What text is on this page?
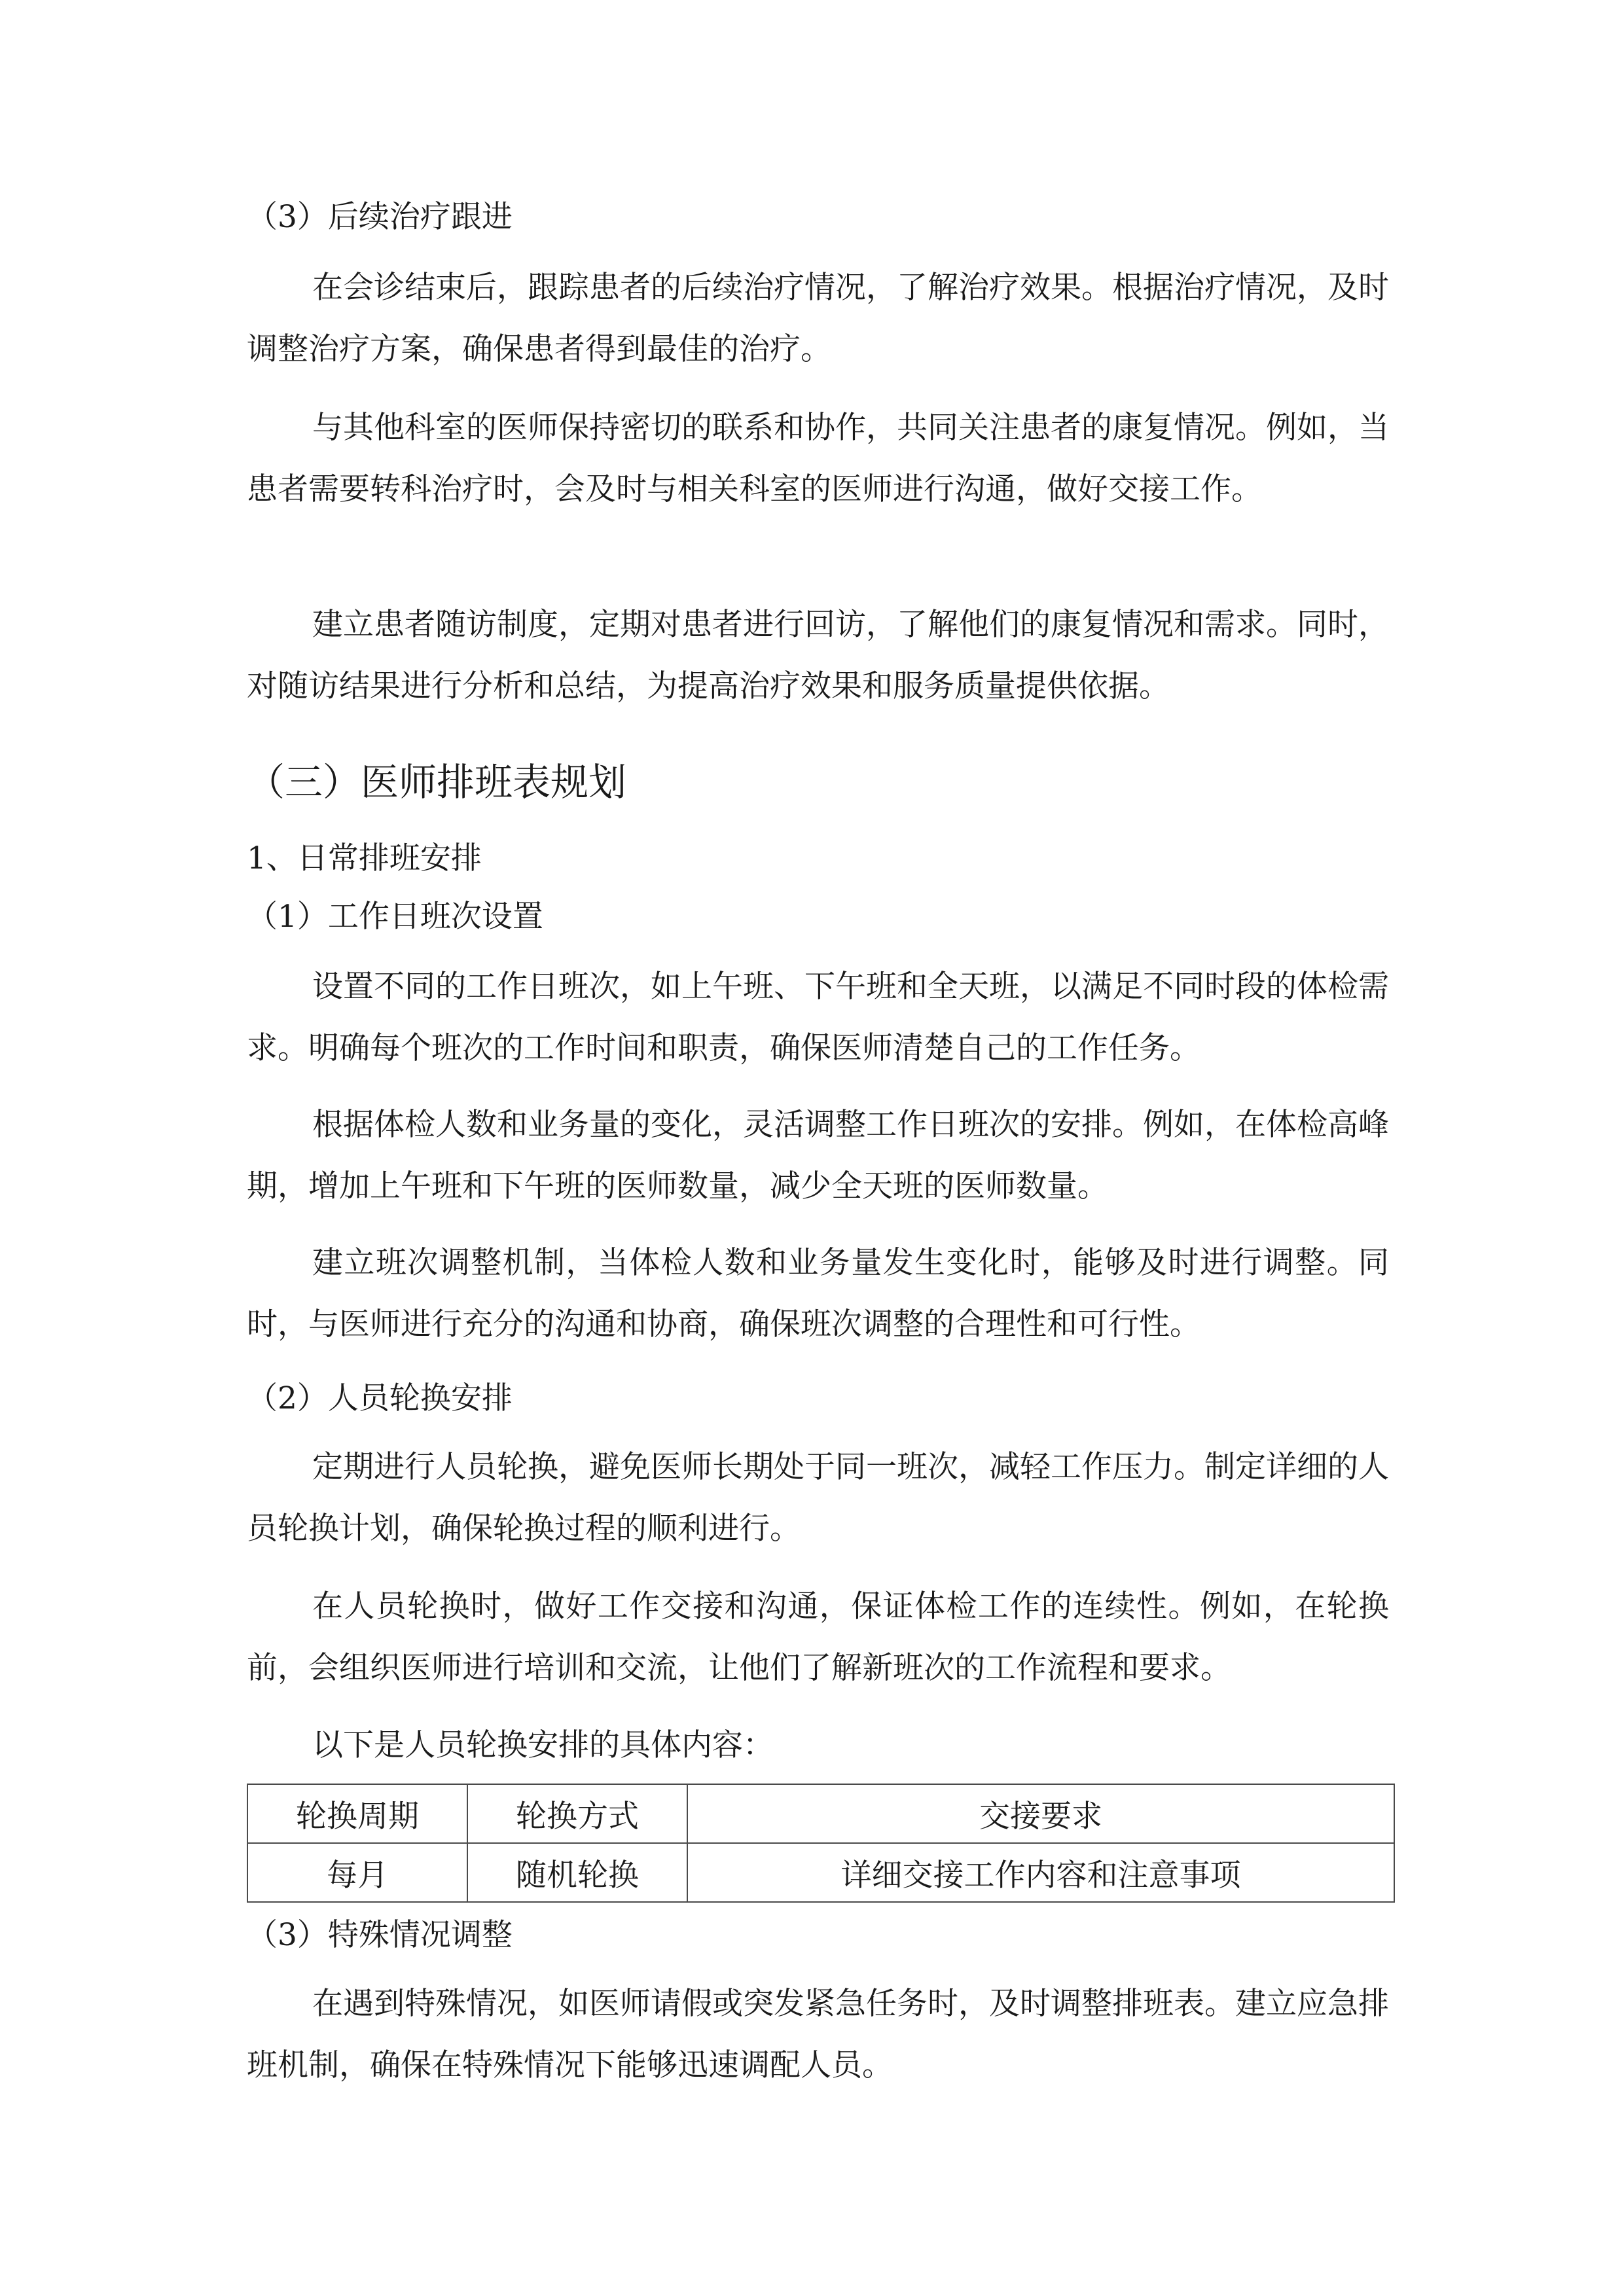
（3）后续治疗跟进

在会诊结束后，跟踪患者的后续治疗情况，了解治疗效果。根据治疗情况，及时调整治疗方案，确保患者得到最佳的治疗。

与其他科室的医师保持密切的联系和协作，共同关注患者的康复情况。例如，当患者需要转科治疗时，会及时与相关科室的医师进行沟通，做好交接工作。

建立患者随访制度，定期对患者进行回访，了解他们的康复情况和需求。同时，对随访结果进行分析和总结，为提高治疗效果和服务质量提供依据。

（三）医师排班表规划

1、日常排班安排

（1）工作日班次设置

设置不同的工作日班次，如上午班、下午班和全天班，以满足不同时段的体检需求。明确每个班次的工作时间和职责，确保医师清楚自己的工作任务。

根据体检人数和业务量的变化，灵活调整工作日班次的安排。例如，在体检高峰期，增加上午班和下午班的医师数量，减少全天班的医师数量。

建立班次调整机制，当体检人数和业务量发生变化时，能够及时进行调整。同时，与医师进行充分的沟通和协商，确保班次调整的合理性和可行性。

（2）人员轮换安排

定期进行人员轮换，避免医师长期处于同一班次，减轻工作压力。制定详细的人员轮换计划，确保轮换过程的顺利进行。

在人员轮换时，做好工作交接和沟通，保证体检工作的连续性。例如，在轮换前，会组织医师进行培训和交流，让他们了解新班次的工作流程和要求。

以下是人员轮换安排的具体内容：

轮换周期	轮换方式	交接要求
每月	随机轮换	详细交接工作内容和注意事项

（3）特殊情况调整

在遇到特殊情况，如医师请假或突发紧急任务时，及时调整排班表。建立应急排班机制，确保在特殊情况下能够迅速调配人员。
